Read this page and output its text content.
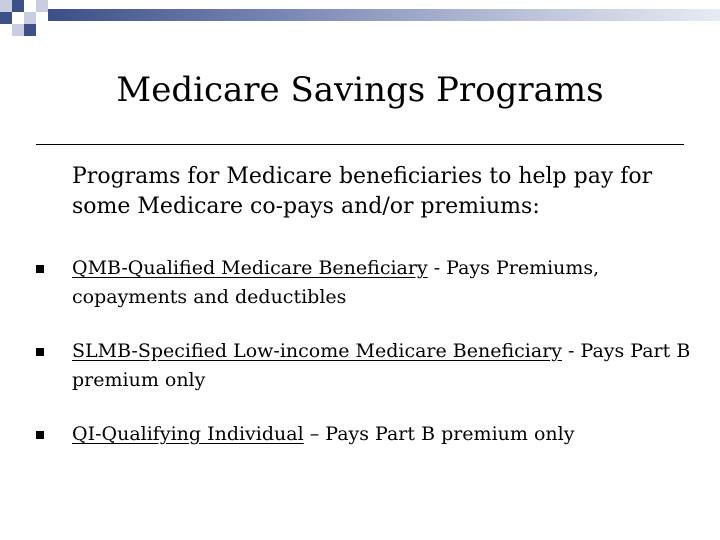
Medicare Savings Programs

Programs for Medicare beneficiaries to help pay for some Medicare co-pays and/or premiums:

QMB-Qualified Medicare Beneficiary - Pays Premiums, copayments and deductibles
SLMB-Specified Low-income Medicare Beneficiary - Pays Part B premium only
QI-Qualifying Individual – Pays Part B premium only
